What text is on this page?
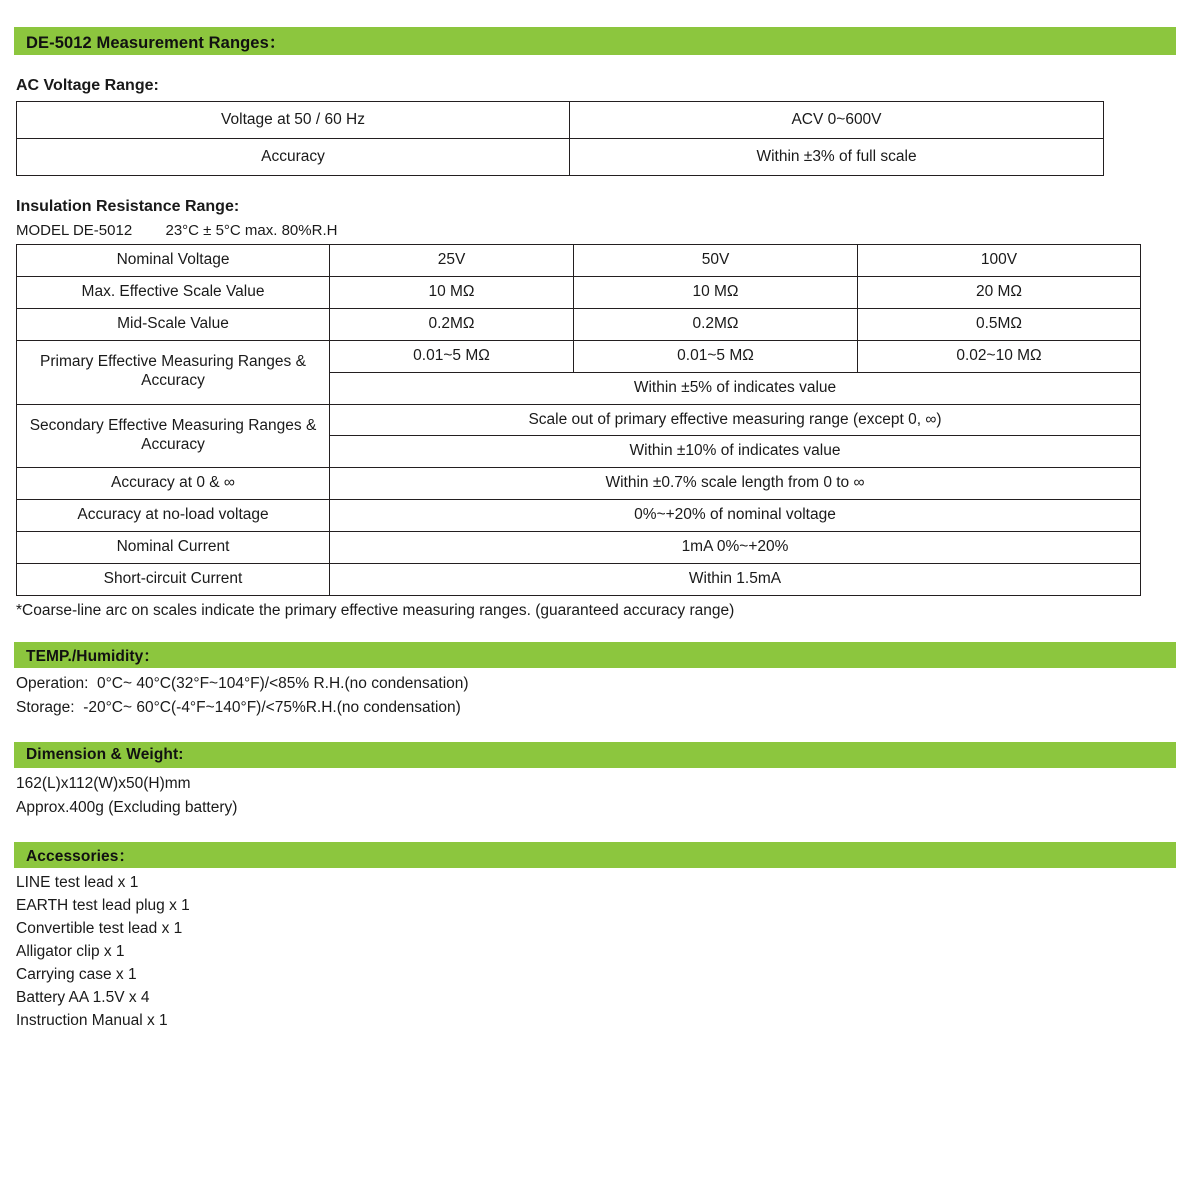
DE-5012 Measurement Ranges：
AC Voltage Range:
Voltage at 50 / 60 Hz	ACV 0~600V
Accuracy	Within ±3% of full scale
Insulation Resistance Range:
MODEL DE-5012        23°C ± 5°C max. 80%R.H
Nominal Voltage	25V	50V	100V
Max. Effective Scale Value	10 MΩ	10 MΩ	20 MΩ
Mid-Scale Value	0.2MΩ	0.2MΩ	0.5MΩ
Primary Effective Measuring Ranges & Accuracy	0.01~5 MΩ	0.01~5 MΩ	0.02~10 MΩ
	Within ±5% of indicates value		
Secondary Effective Measuring Ranges & Accuracy	Scale out of primary effective measuring range (except 0, ∞)		
	Within ±10% of indicates value		
Accuracy at 0 & ∞	Within ±0.7% scale length from 0 to ∞		
Accuracy at no-load voltage	0%~+20% of nominal voltage		
Nominal Current	1mA 0%~+20%		
Short-circuit Current	Within 1.5mA		
*Coarse-line arc on scales indicate the primary effective measuring ranges. (guaranteed accuracy range)
TEMP./Humidity：
Operation:  0°C~ 40°C(32°F~104°F)/<85% R.H.(no condensation)
Storage:  -20°C~ 60°C(-4°F~140°F)/<75%R.H.(no condensation)
Dimension & Weight:
162(L)x112(W)x50(H)mm
Approx.400g (Excluding battery)
Accessories：
LINE test lead x 1
EARTH test lead plug x 1
Convertible test lead x 1
Alligator clip x 1
Carrying case x 1
Battery AA 1.5V x 4
Instruction Manual x 1
